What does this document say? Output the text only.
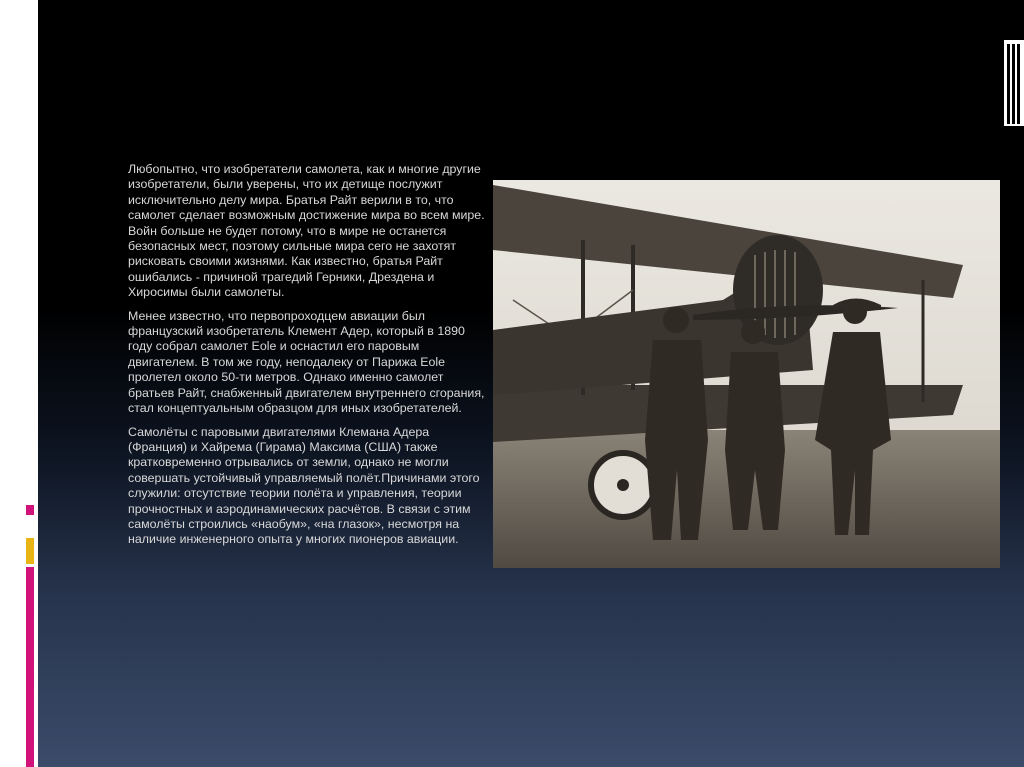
Любопытно, что изобретатели самолета, как и многие другие изобретатели, были уверены, что их детище послужит исключительно делу мира. Братья Райт верили в то, что самолет сделает возможным достижение мира во всем мире. Войн больше не будет потому, что в мире не останется безопасных мест, поэтому сильные мира сего не захотят рисковать своими жизнями. Как известно, братья Райт ошибались - причиной трагедий Герники, Дрездена и Хиросимы были самолеты.

Менее известно, что первопроходцем авиации был французский изобретатель Клемент Адер, который в 1890 году собрал самолет Eole и оснастил его паровым двигателем. В том же году, неподалеку от Парижа Eole пролетел около 50-ти метров. Однако именно самолет братьев Райт, снабженный двигателем внутреннего сгорания, стал концептуальным образцом для иных изобретателей.

Самолёты с паровыми двигателями Клемана Адера (Франция) и Хайрема (Гирама) Максима (США) также кратковременно отрывались от земли, однако не могли совершать устойчивый управляемый полёт.Причинами этого служили: отсутствие теории полёта и управления, теории прочностных и аэродинамических расчётов. В связи с этим самолёты строились «наобум», «на глазок», несмотря на наличие инженерного опыта у многих пионеров авиации.
